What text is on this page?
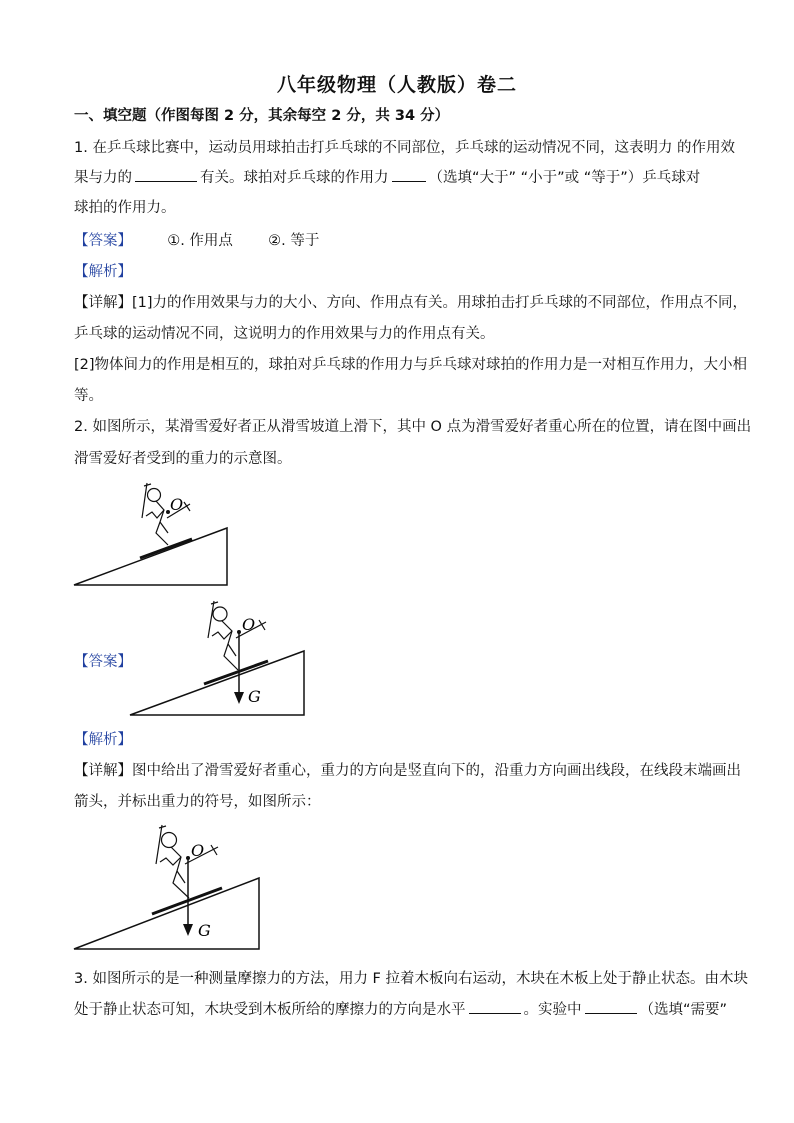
八年级物理（人教版）卷二
一、填空题（作图每图 2 分，其余每空 2 分，共 34 分）
1. 在乒乓球比赛中，运动员用球拍击打乒乓球的不同部位，乒乓球的运动情况不同，这表明力 的作用效
果与力的	有关。球拍对乒乓球的作用力	（选填“大于” “小于”或 “等于”）乒乓球对
球拍的作用力。
【答案】 ①. 作用点 ②. 等于
【解析】
【详解】[1]力的作用效果与力的大小、方向、作用点有关。用球拍击打乒乓球的不同部位，作用点不同，
乒乓球的运动情况不同，这说明力的作用效果与力的作用点有关。
[2]物体间力的作用是相互的，球拍对乒乓球的作用力与乒乓球对球拍的作用力是一对相互作用力，大小相
等。
2. 如图所示，某滑雪爱好者正从滑雪坡道上滑下，其中 O 点为滑雪爱好者重心所在的位置，请在图中画出
滑雪爱好者受到的重力的示意图。
O
【答案】
O
G
【解析】
【详解】图中给出了滑雪爱好者重心，重力的方向是竖直向下的，沿重力方向画出线段，在线段末端画出
箭头，并标出重力的符号，如图所示：
O
G
3. 如图所示的是一种测量摩擦力的方法，用力 F 拉着木板向右运动，木块在木板上处于静止状态。由木块
处于静止状态可知，木块受到木板所给的摩擦力的方向是水平	。实验中	（选填“需要”
